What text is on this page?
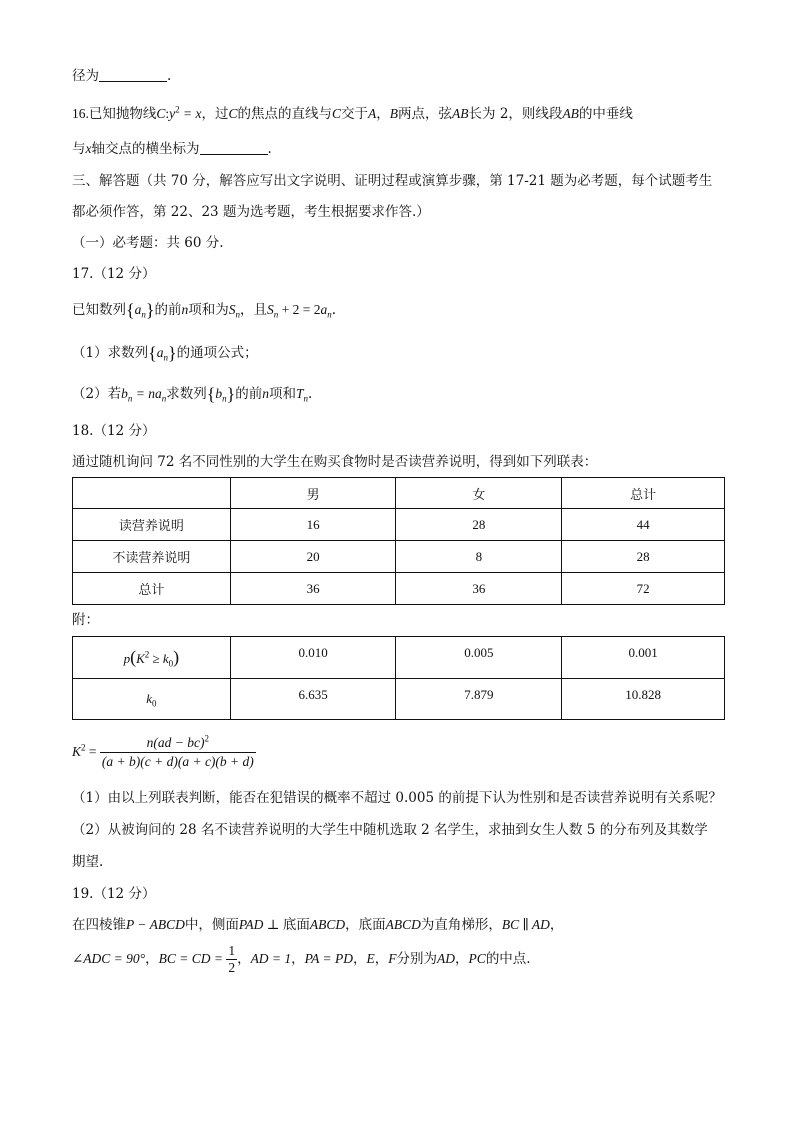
径为	.
16.已知抛物线$C:y^2 = x$，过C的焦点的直线与C交于A，B两点，弦AB长为 2，则线段AB的中垂线
与x轴交点的横坐标为	.
三、解答题（共 70 分，解答应写出文字说明、证明过程或演算步骤，第 17-21 题为必考题，每个试题考生
都必须作答，第 22、23 题为选考题，考生根据要求作答.）
（一）必考题：共 60 分.
17.（12 分）
已知数列$\{a_n\}$的前n项和为$S_n$，且$S_n + 2 = 2a_n$.
（1）求数列$\{a_n\}$的通项公式；
（2）若$b_n = na_n$求数列$\{b_n\}$的前n项和$T_n$.
18.（12 分）
通过随机询问 72 名不同性别的大学生在购买食物时是否读营养说明，得到如下列联表：
	男	女	总计
读营养说明	16	28	44
不读营养说明	20	8	28
总计	36	36	72
附：
$p(K^2 \ge k_0)$	0.010	0.005	0.001
$k_0$	6.635	7.879	10.828
$K^2 = \frac{n(ad - bc)^2}{(a + b)(c + d)(a + c)(b + d)}$
（1）由以上列联表判断，能否在犯错误的概率不超过 0.005 的前提下认为性别和是否读营养说明有关系呢？
（2）从被询问的 28 名不读营养说明的大学生中随机选取 2 名学生，求抽到女生人数 5 的分布列及其数学
期望.
19.（12 分）
在四棱锥P − ABCD中，侧面PAD ⊥ 底面ABCD，底面ABCD为直角梯形，BC ∥ AD，
∠ADC = 90°，BC = CD = $\frac{1}{2}$ ，AD = 1，PA = PD，E，F分别为AD，PC的中点.
